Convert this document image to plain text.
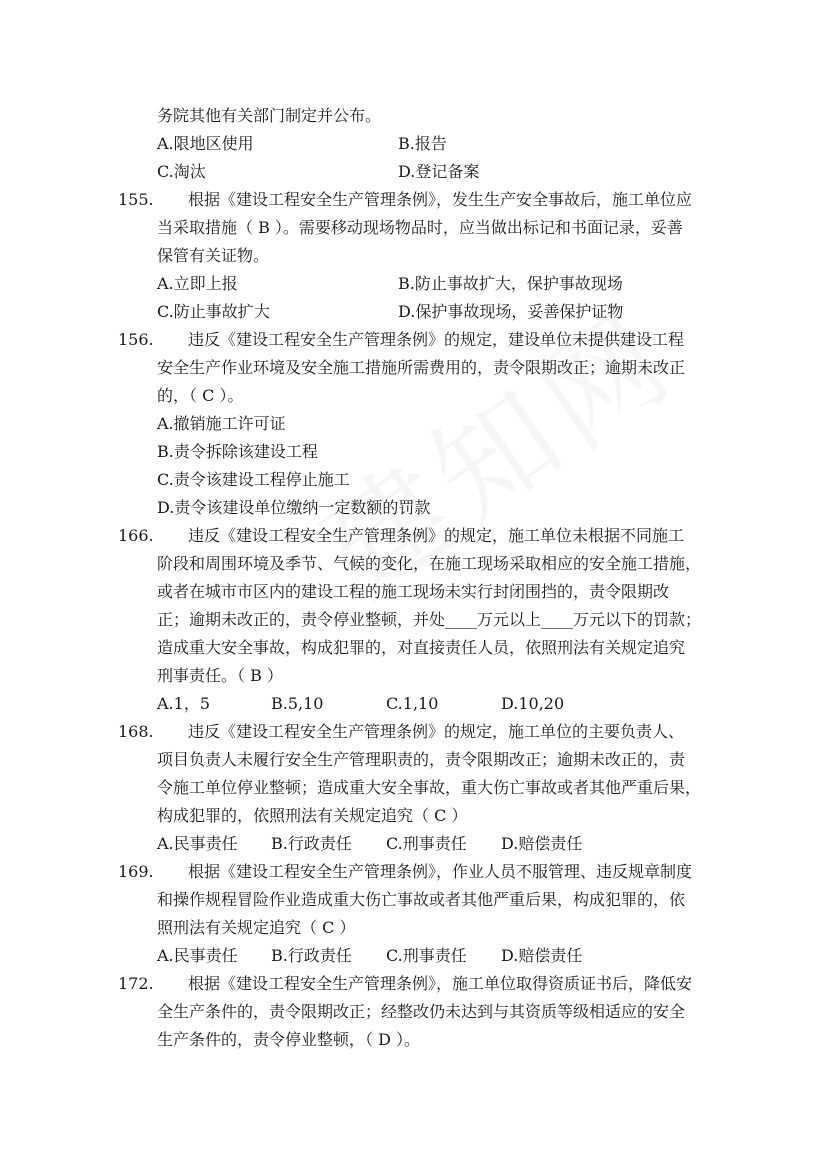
务院其他有关部门制定并公布。
A.限地区使用	B.报告
C.淘汰	D.登记备案
155. 根据《建设工程安全生产管理条例》，发生生产安全事故后，施工单位应
当采取措施（ B ）。需要移动现场物品时，应当做出标记和书面记录，妥善
保管有关证物。
A.立即上报	B.防止事故扩大，保护事故现场
C.防止事故扩大	D.保护事故现场，妥善保护证物
156. 违反《建设工程安全生产管理条例》的规定，建设单位未提供建设工程
安全生产作业环境及安全施工措施所需费用的，责令限期改正；逾期未改正
的，（ C ）。
A.撤销施工许可证
B.责令拆除该建设工程
C.责令该建设工程停止施工
D.责令该建设单位缴纳一定数额的罚款
166. 违反《建设工程安全生产管理条例》的规定，施工单位未根据不同施工
阶段和周围环境及季节、气候的变化，在施工现场采取相应的安全施工措施，
或者在城市市区内的建设工程的施工现场未实行封闭围挡的，责令限期改
正；逾期未改正的，责令停业整顿，并处____万元以上____万元以下的罚款；
造成重大安全事故，构成犯罪的，对直接责任人员，依照刑法有关规定追究
刑事责任。（ B ）
A.1，5	B.5,10	C.1,10	D.10,20
168. 违反《建设工程安全生产管理条例》的规定，施工单位的主要负责人、
项目负责人未履行安全生产管理职责的，责令限期改正；逾期未改正的，责
令施工单位停业整顿；造成重大安全事故，重大伤亡事故或者其他严重后果，
构成犯罪的，依照刑法有关规定追究（ C ）
A.民事责任 B.行政责任 C.刑事责任 D.赔偿责任
169. 根据《建设工程安全生产管理条例》，作业人员不服管理、违反规章制度
和操作规程冒险作业造成重大伤亡事故或者其他严重后果，构成犯罪的，依
照刑法有关规定追究（ C ）
A.民事责任 B.行政责任 C.刑事责任 D.赔偿责任
172. 根据《建设工程安全生产管理条例》，施工单位取得资质证书后，降低安
全生产条件的，责令限期改正；经整改仍未达到与其资质等级相适应的安全
生产条件的，责令停业整顿，（ D ）。
